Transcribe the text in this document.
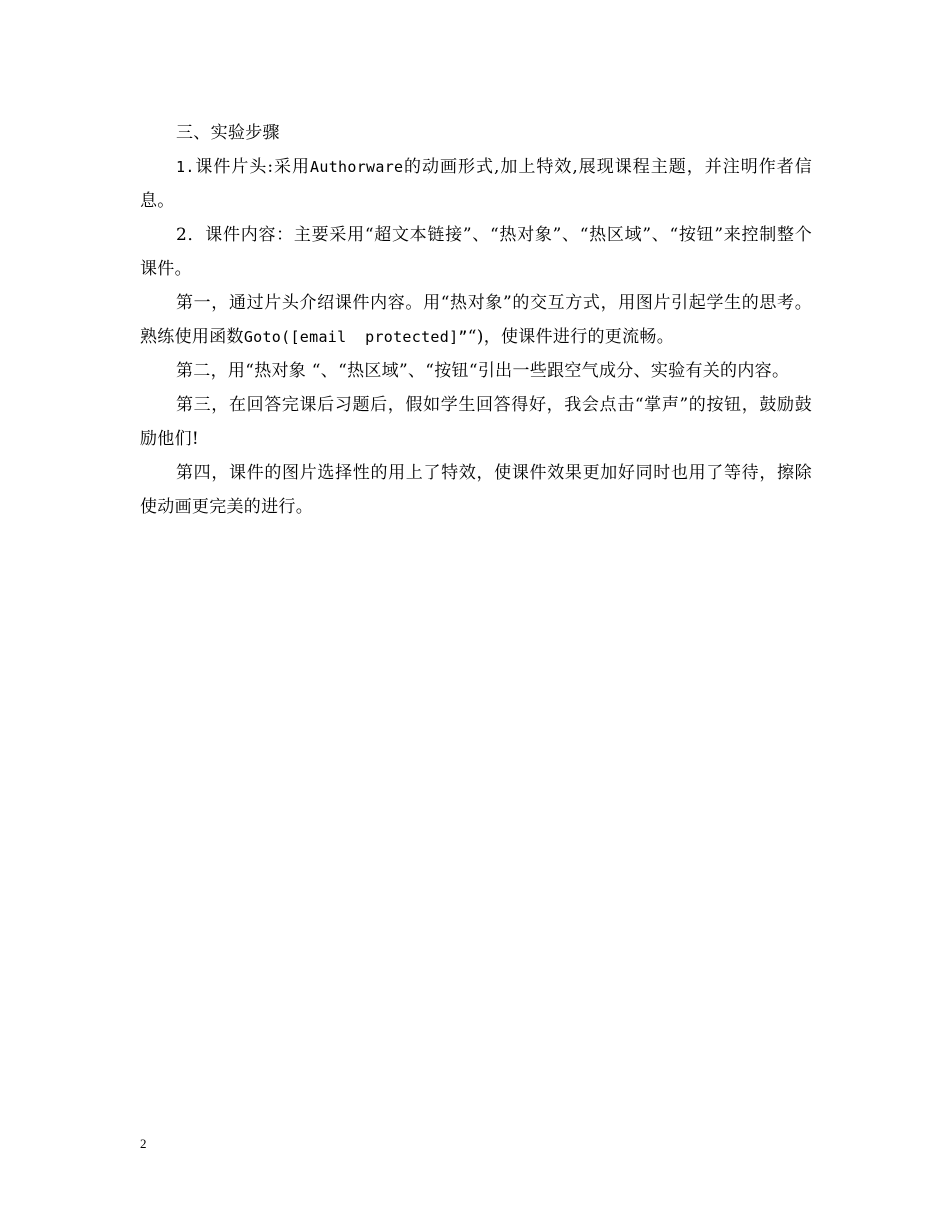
三、实验步骤

1.课件片头:采用Authorware的动画形式,加上特效,展现课程主题，并注明作者信息。

2．课件内容：主要采用“超文本链接”、“热对象”、“热区域”、“按钮”来控制整个课件。

第一，通过片头介绍课件内容。用“热对象”的交互方式，用图片引起学生的思考。熟练使用函数Goto([email  protected]”“)，使课件进行的更流畅。

第二，用“热对象 “、“热区域”、“按钮“引出一些跟空气成分、实验有关的内容。

第三，在回答完课后习题后，假如学生回答得好，我会点击“掌声”的按钮，鼓励鼓励他们!

第四，课件的图片选择性的用上了特效，使课件效果更加好同时也用了等待，擦除使动画更完美的进行。

2
